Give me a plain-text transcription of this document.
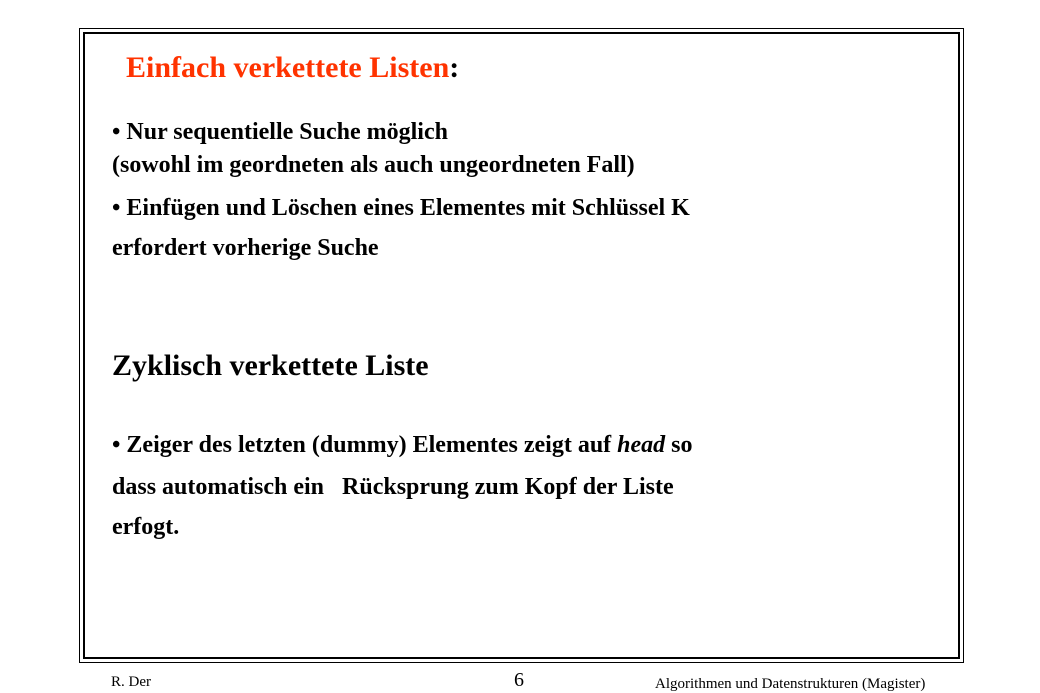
Einfach verkettete Listen:
• Nur sequentielle Suche möglich
(sowohl im geordneten als auch ungeordneten Fall)
• Einfügen und Löschen eines Elementes mit Schlüssel K
erfordert vorherige Suche
Zyklisch verkettete Liste
• Zeiger des letzten (dummy) Elementes zeigt auf head so
dass automatisch ein   Rücksprung zum Kopf der Liste
erfogt.
R. Der	6	Algorithmen und Datenstrukturen (Magister)
